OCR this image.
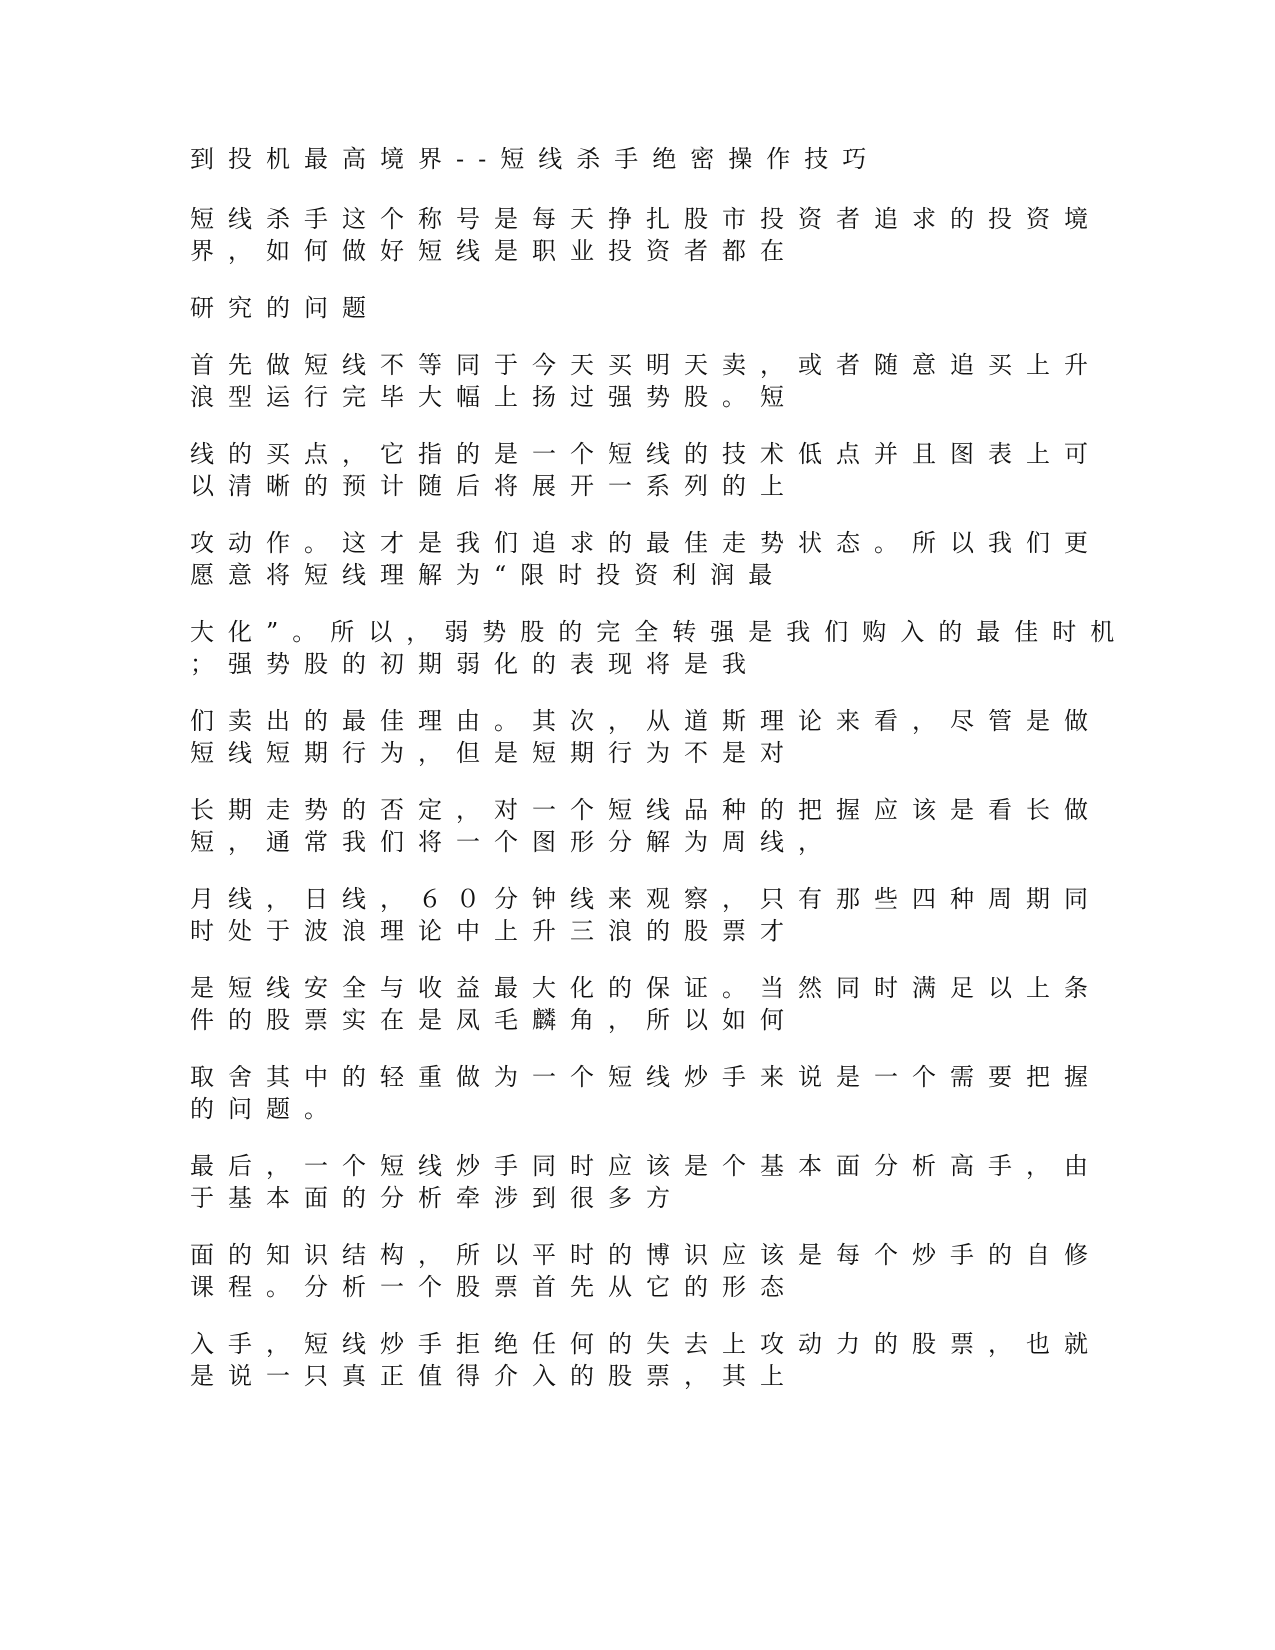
到投机最高境界--短线杀手绝密操作技巧
短线杀手这个称号是每天挣扎股市投资者追求的投资境
界，如何做好短线是职业投资者都在
研究的问题
首先做短线不等同于今天买明天卖，或者随意追买上升
浪型运行完毕大幅上扬过强势股。短
线的买点，它指的是一个短线的技术低点并且图表上可
以清晰的预计随后将展开一系列的上
攻动作。这才是我们追求的最佳走势状态。所以我们更
愿意将短线理解为“限时投资利润最
大化”。所以，弱势股的完全转强是我们购入的最佳时机
；强势股的初期弱化的表现将是我
们卖出的最佳理由。其次，从道斯理论来看，尽管是做
短线短期行为，但是短期行为不是对
长期走势的否定，对一个短线品种的把握应该是看长做
短，通常我们将一个图形分解为周线，
月线，日线，６０分钟线来观察，只有那些四种周期同
时处于波浪理论中上升三浪的股票才
是短线安全与收益最大化的保证。当然同时满足以上条
件的股票实在是凤毛麟角，所以如何
取舍其中的轻重做为一个短线炒手来说是一个需要把握
的问题。
最后，一个短线炒手同时应该是个基本面分析高手，由
于基本面的分析牵涉到很多方
面的知识结构，所以平时的博识应该是每个炒手的自修
课程。分析一个股票首先从它的形态
入手，短线炒手拒绝任何的失去上攻动力的股票，也就
是说一只真正值得介入的股票，其上
